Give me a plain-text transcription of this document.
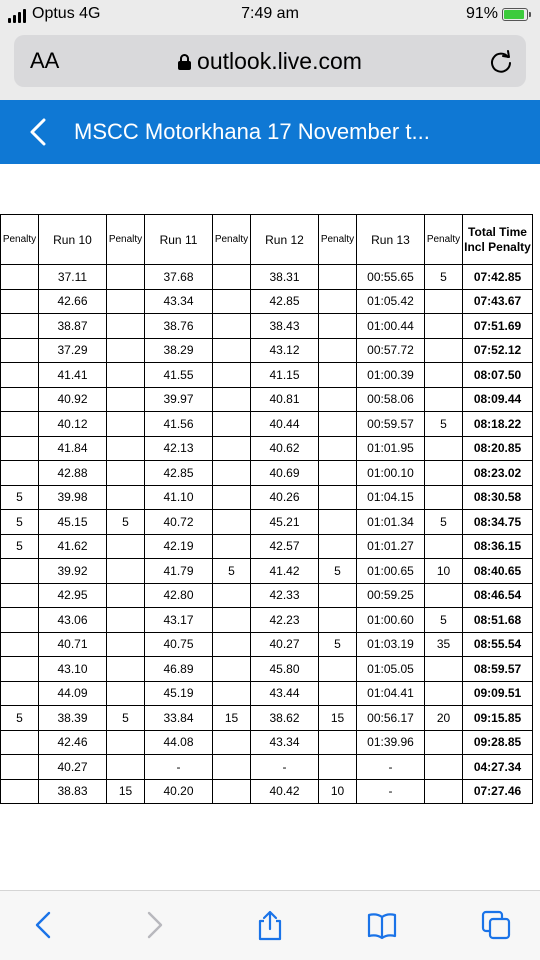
Optus 4G	7:49 am	91%
AA	outlook.live.com
MSCC Motorkhana 17 November t...
Penalty	Run 10	Penalty	Run 11	Penalty	Run 12	Penalty	Run 13	Penalty	Total Time Incl Penalty
	37.11		37.68		38.31		00:55.65	5	07:42.85
	42.66		43.34		42.85		01:05.42		07:43.67
	38.87		38.76		38.43		01:00.44		07:51.69
	37.29		38.29		43.12		00:57.72		07:52.12
	41.41		41.55		41.15		01:00.39		08:07.50
	40.92		39.97		40.81		00:58.06		08:09.44
	40.12		41.56		40.44		00:59.57	5	08:18.22
	41.84		42.13		40.62		01:01.95		08:20.85
	42.88		42.85		40.69		01:00.10		08:23.02
5	39.98		41.10		40.26		01:04.15		08:30.58
5	45.15	5	40.72		45.21		01:01.34	5	08:34.75
5	41.62		42.19		42.57		01:01.27		08:36.15
	39.92		41.79	5	41.42	5	01:00.65	10	08:40.65
	42.95		42.80		42.33		00:59.25		08:46.54
	43.06		43.17		42.23		01:00.60	5	08:51.68
	40.71		40.75		40.27	5	01:03.19	35	08:55.54
	43.10		46.89		45.80		01:05.05		08:59.57
	44.09		45.19		43.44		01:04.41		09:09.51
5	38.39	5	33.84	15	38.62	15	00:56.17	20	09:15.85
	42.46		44.08		43.34		01:39.96		09:28.85
	40.27		-		-		-		04:27.34
	38.83	15	40.20		40.42	10	-		07:27.46
